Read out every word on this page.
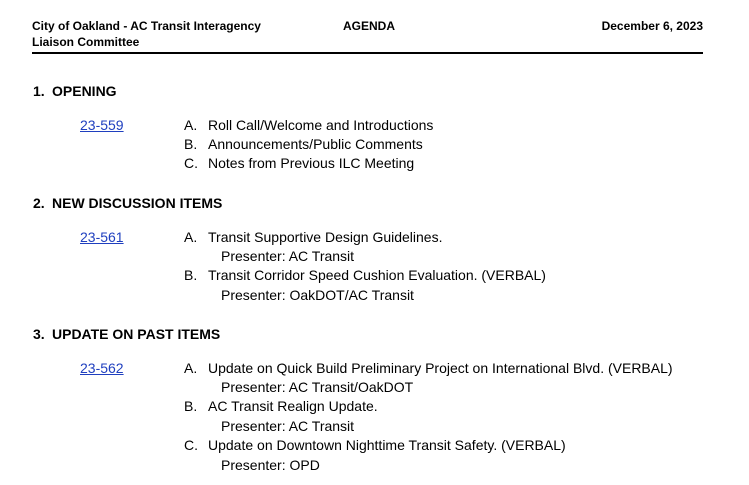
City of Oakland - AC Transit Interagency
Liaison Committee
AGENDA	December 6, 2023
1. OPENING
23-559	A. Roll Call/Welcome and Introductions
B. Announcements/Public Comments
C. Notes from Previous ILC Meeting
2. NEW DISCUSSION ITEMS
23-561	A. Transit Supportive Design Guidelines.
Presenter: AC Transit
B. Transit Corridor Speed Cushion Evaluation. (VERBAL)
Presenter: OakDOT/AC Transit
3. UPDATE ON PAST ITEMS
23-562	A. Update on Quick Build Preliminary Project on International Blvd. (VERBAL)
Presenter: AC Transit/OakDOT
B. AC Transit Realign Update.
Presenter: AC Transit
C. Update on Downtown Nighttime Transit Safety. (VERBAL)
Presenter: OPD
